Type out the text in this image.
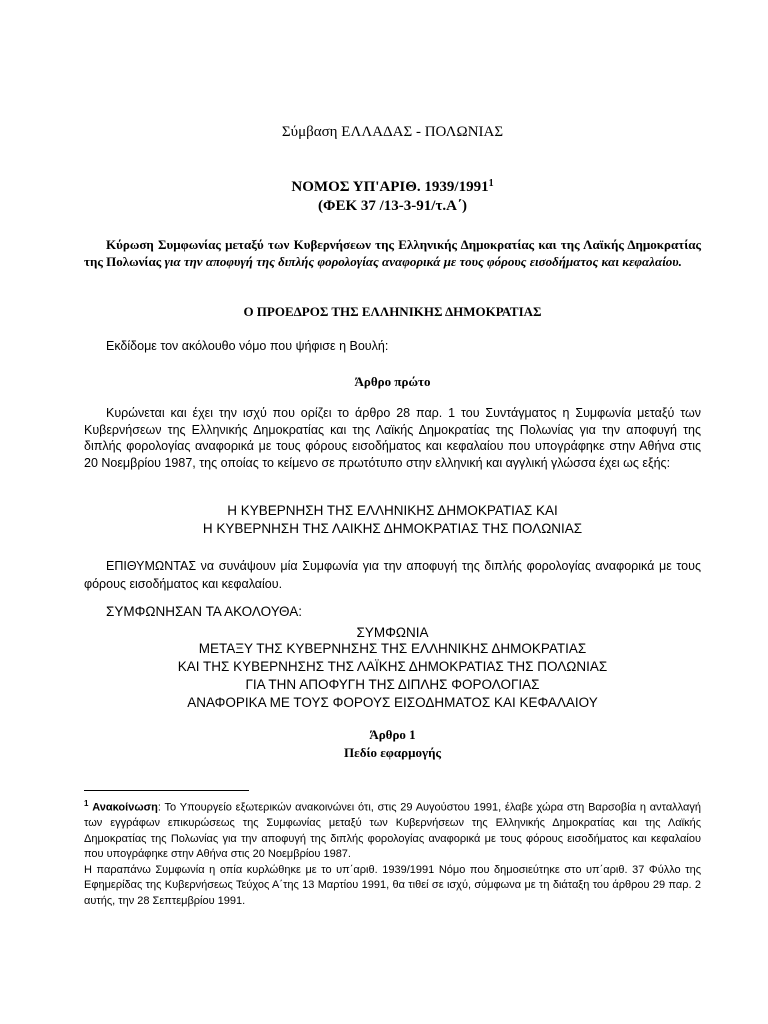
Σύμβαση ΕΛΛΑΔΑΣ - ΠΟΛΩΝΙΑΣ

ΝΟΜΟΣ ΥΠ'ΑΡΙΘ. 1939/1991$^1$
(ΦΕΚ 37 /13-3-91/τ.Α΄)

Κύρωση Συμφωνίας μεταξύ των Κυβερνήσεων της Ελληνικής Δημοκρατίας και της Λαϊκής Δημοκρατίας της Πολωνίας για την αποφυγή της διπλής φορολογίας αναφορικά με τους φόρους εισοδήματος και κεφαλαίου.

Ο ΠΡΟΕΔΡΟΣ ΤΗΣ ΕΛΛΗΝΙΚΗΣ ΔΗΜΟΚΡΑΤΙΑΣ

Εκδίδομε τον ακόλουθο νόμο που ψήφισε η Βουλή:

Άρθρο πρώτο

Κυρώνεται και έχει την ισχύ που ορίζει το άρθρο 28 παρ. 1 του Συντάγματος η Συμφωνία μεταξύ των Κυβερνήσεων της Ελληνικής Δημοκρατίας και της Λαϊκής Δημοκρατίας της Πολωνίας για την αποφυγή της διπλής φορολογίας αναφορικά με τους φόρους εισοδήματος και κεφαλαίου που υπογράφηκε στην Αθήνα στις 20 Νοεμβρίου 1987, της οποίας το κείμενο σε πρωτότυπο στην ελληνική και αγγλική γλώσσα έχει ως εξής:

Η ΚΥΒΕΡΝΗΣΗ ΤΗΣ ΕΛΛΗΝΙΚΗΣ ΔΗΜΟΚΡΑΤΙΑΣ ΚΑΙ
Η ΚΥΒΕΡΝΗΣΗ ΤΗΣ ΛΑΙΚΗΣ ΔΗΜΟΚΡΑΤΙΑΣ ΤΗΣ ΠΟΛΩΝΙΑΣ

ΕΠΙΘΥΜΩΝΤΑΣ να συνάψουν μία Συμφωνία για την αποφυγή της διπλής φορολογίας αναφορικά με τους φόρους εισοδήματος και κεφαλαίου.

ΣΥΜΦΩΝΗΣΑΝ ΤΑ ΑΚΟΛΟΥΘΑ:

ΜΕΤΑΞΥ ΤΗΣ ΚΥΒΕΡΝΗΣΗΣ ΤΗΣ ΕΛΛΗΝΙΚΗΣ ΔΗΜΟΚΡΑΤΙΑΣ
ΚΑΙ ΤΗΣ ΚΥΒΕΡΝΗΣΗΣ ΤΗΣ ΛΑΪΚΗΣ ΔΗΜΟΚΡΑΤΙΑΣ ΤΗΣ ΠΟΛΩΝΙΑΣ
ΓΙΑ ΤΗΝ ΑΠΟΦΥΓΗ ΤΗΣ ΔΙΠΛΗΣ ΦΟΡΟΛΟΓΙΑΣ
ΑΝΑΦΟΡΙΚΑ ΜΕ ΤΟΥΣ ΦΟΡΟΥΣ ΕΙΣΟΔΗΜΑΤΟΣ ΚΑΙ ΚΕΦΑΛΑΙΟΥ
ΣΥΜΦΩΝΙΑ
Άρθρο 1
Πεδίο εφαρμογής
$^1$ Ανακοίνωση: Το Υπουργείο εξωτερικών ανακοινώνει ότι, στις 29 Αυγούστου 1991, έλαβε χώρα στη Βαρσοβία η ανταλλαγή των εγγράφων επικυρώσεως της Συμφωνίας μεταξύ των Κυβερνήσεων της Ελληνικής Δημοκρατίας και της Λαϊκής Δημοκρατίας της Πολωνίας για την αποφυγή της διπλής φορολογίας αναφορικά με τους φόρους εισοδήματος και κεφαλαίου που υπογράφηκε στην Αθήνα στις 20 Νοεμβρίου 1987.
Η παραπάνω Συμφωνία η οπία κυρλώθηκε με το υπ΄αριθ. 1939/1991 Νόμο που δημοσιεύτηκε στο υπ΄αριθ. 37 Φύλλο της Εφημερίδας της Κυβερνήσεως Τεύχος Α΄της 13 Μαρτίου 1991, θα τιθεί σε ισχύ, σύμφωνα με τη διάταξη του άρθρου 29 παρ. 2 αυτής, την 28 Σεπτεμβρίου 1991.
